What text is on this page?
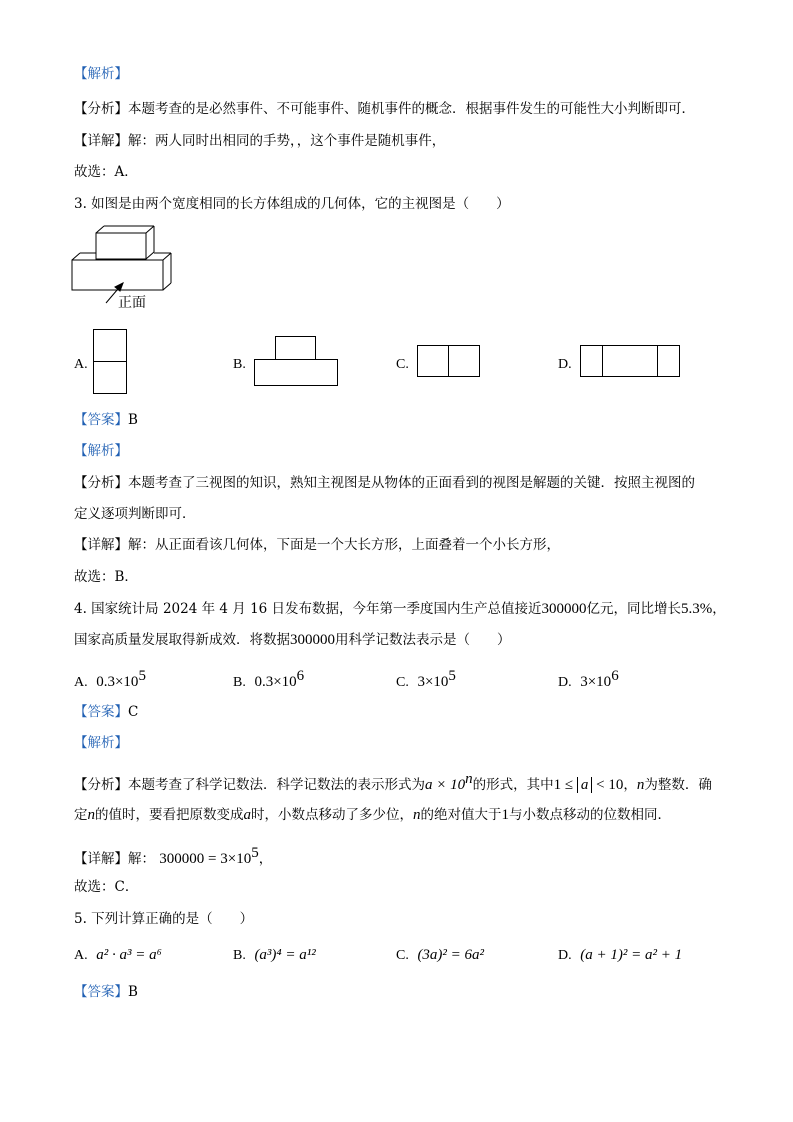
【解析】
【分析】本题考查的是必然事件、不可能事件、随机事件的概念．根据事件发生的可能性大小判断即可．
【详解】解：两人同时出相同的手势，，这个事件是随机事件，
故选：A．
3. 如图是由两个宽度相同的长方体组成的几何体，它的主视图是（　　）
正面
A.	B.	C.	D.
【答案】B
【解析】
【分析】本题考查了三视图的知识，熟知主视图是从物体的正面看到的视图是解题的关键．按照主视图的
定义逐项判断即可．
【详解】解：从正面看该几何体，下面是一个大长方形，上面叠着一个小长方形，
故选：B．
4. 国家统计局 2024 年 4 月 16 日发布数据，今年第一季度国内生产总值接近300000亿元，同比增长5.3%，
国家高质量发展取得新成效．将数据300000用科学记数法表示是（　　）
A. $0.3\times 10^5$	B. $0.3\times 10^6$	C. $3\times 10^5$	D. $3\times 10^6$
【答案】C
【解析】
【分析】本题考查了科学记数法．科学记数法的表示形式为$a \times 10^n$的形式，其中1 ≤ a < 10，n为整数．确
定n的值时，要看把原数变成a时，小数点移动了多少位，n的绝对值大于1与小数点移动的位数相同．
【详解】解： $300000 = 3\times 10^5$，
故选：C．
5. 下列计算正确的是（　　）
A. a² · a³ = a⁶	B. (a³)⁴ = a¹²	C. (3a)² = 6a²	D. (a + 1)² = a² + 1
【答案】B
